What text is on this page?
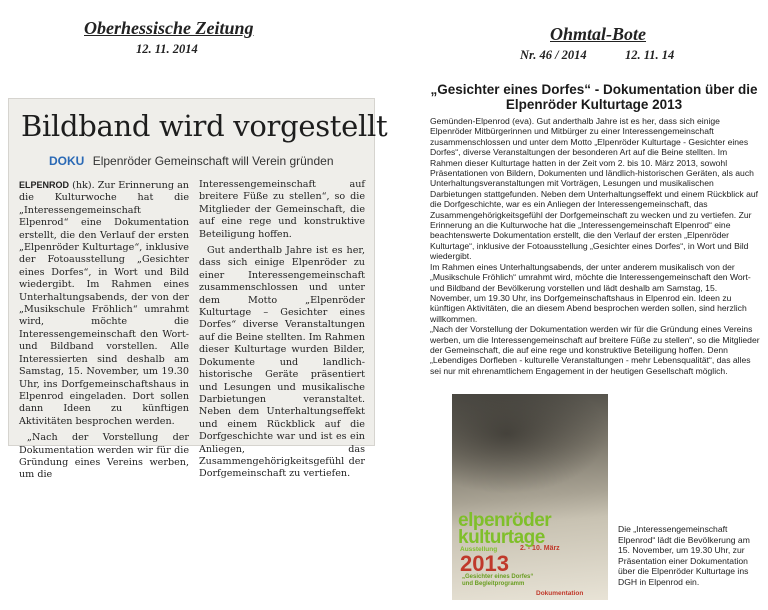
Oberhessische Zeitung
12. 11. 2014
Ohmtal-Bote
Nr. 46 / 2014	12. 11. 14
Bildband wird vorgestellt
DOKU Elpenröder Gemeinschaft will Verein gründen

ELPENROD (hk). Zur Erinnerung an die Kulturwoche hat die „Interessengemeinschaft Elpenrod“ eine Dokumentation erstellt, die den Verlauf der ersten „Elpenröder Kulturtage“, inklusive der Fotoausstellung „Gesichter eines Dorfes“, in Wort und Bild wiedergibt. Im Rahmen eines Unterhaltungsabends, der von der „Musikschule Fröhlich“ umrahmt wird, möchte die Interessengemeinschaft den Wort- und Bildband vorstellen. Alle Interessierten sind deshalb am Samstag, 15. November, um 19.30 Uhr, ins Dorfgemeinschaftshaus in Elpenrod eingeladen. Dort sollen dann Ideen zu künftigen Aktivitäten besprochen werden.

„Nach der Vorstellung der Dokumentation werden wir für die Gründung eines Vereins werben, um die

Interessengemeinschaft auf breitere Füße zu stellen“, so die Mitglieder der Gemeinschaft, die auf eine rege und konstruktive Beteiligung hoffen.

Gut anderthalb Jahre ist es her, dass sich einige Elpenröder zu einer Interessengemeinschaft zusammenschlossen und unter dem Motto „Elpenröder Kulturtage – Gesichter eines Dorfes“ diverse Veranstaltungen auf die Beine stellten. Im Rahmen dieser Kulturtage wurden Bilder, Dokumente und landlich-historische Geräte präsentiert und Lesungen und musikalische Darbietungen veranstaltet. Neben dem Unterhaltungseffekt und einem Rückblick auf die Dorfgeschichte war und ist es ein Anliegen, das Zusammengehörigkeitsgefühl der Dorfgemeinschaft zu vertiefen.

„Gesichter eines Dorfes“ - Dokumentation über die Elpenröder Kulturtage 2013

Gemünden-Elpenrod (eva). Gut anderthalb Jahre ist es her, dass sich einige Elpenröder Mitbürgerinnen und Mitbürger zu einer Interessengemeinschaft zusammenschlossen und unter dem Motto „Elpenröder Kulturtage - Gesichter eines Dorfes“, diverse Veranstaltungen der besonderen Art auf die Beine stellten. Im Rahmen dieser Kulturtage hatten in der Zeit vom 2. bis 10. März 2013, sowohl Präsentationen von Bildern, Dokumenten und ländlich-historischen Geräten, als auch Unterhaltungsveranstaltungen mit Vorträgen, Lesungen und musikalischen Darbietungen stattgefunden. Neben dem Unterhaltungseffekt und einem Rückblick auf die Dorfgeschichte, war es ein Anliegen der Interessengemeinschaft, das Zusammengehörigkeitsgefühl der Dorfgemeinschaft zu wecken und zu vertiefen. Zur Erinnerung an die Kulturwoche hat die „Interessengemeinschaft Elpenrod“ eine beachtenswerte Dokumentation erstellt, die den Verlauf der ersten „Elpenröder Kulturtage“, inklusive der Fotoausstellung „Gesichter eines Dorfes“, in Wort und Bild wiedergibt.

Im Rahmen eines Unterhaltungsabends, der unter anderem musikalisch von der „Musikschule Fröhlich“ umrahmt wird, möchte die Interessengemeinschaft den Wort- und Bildband der Bevölkerung vorstellen und lädt deshalb am Samstag, 15. November, um 19.30 Uhr, ins Dorfgemeinschaftshaus in Elpenrod ein. Ideen zu künftigen Aktivitäten, die an diesem Abend besprochen werden sollen, sind herzlich willkommen.

„Nach der Vorstellung der Dokumentation werden wir für die Gründung eines Vereins werben, um die Interessengemeinschaft auf breitere Füße zu stellen“, so die Mitglieder der Gemeinschaft, die auf eine rege und konstruktive Beteiligung hoffen. Denn „Lebendiges Dorfleben - kulturelle Veranstaltungen - mehr Lebensqualität“, das alles sei nur mit ehrenamtlichem Engagement in der heutigen Gesellschaft möglich.

elpenröder
kulturtage
Ausstellung	2. - 10. März
2013
„Gesichter eines Dorfes“
und Begleitprogramm
Dokumentation
Die „Interessengemeinschaft Elpenrod“ lädt die Bevölkerung am 15. November, um 19.30 Uhr, zur Präsentation einer Dokumentation über die Elpenröder Kulturtage ins DGH in Elpenrod ein.
